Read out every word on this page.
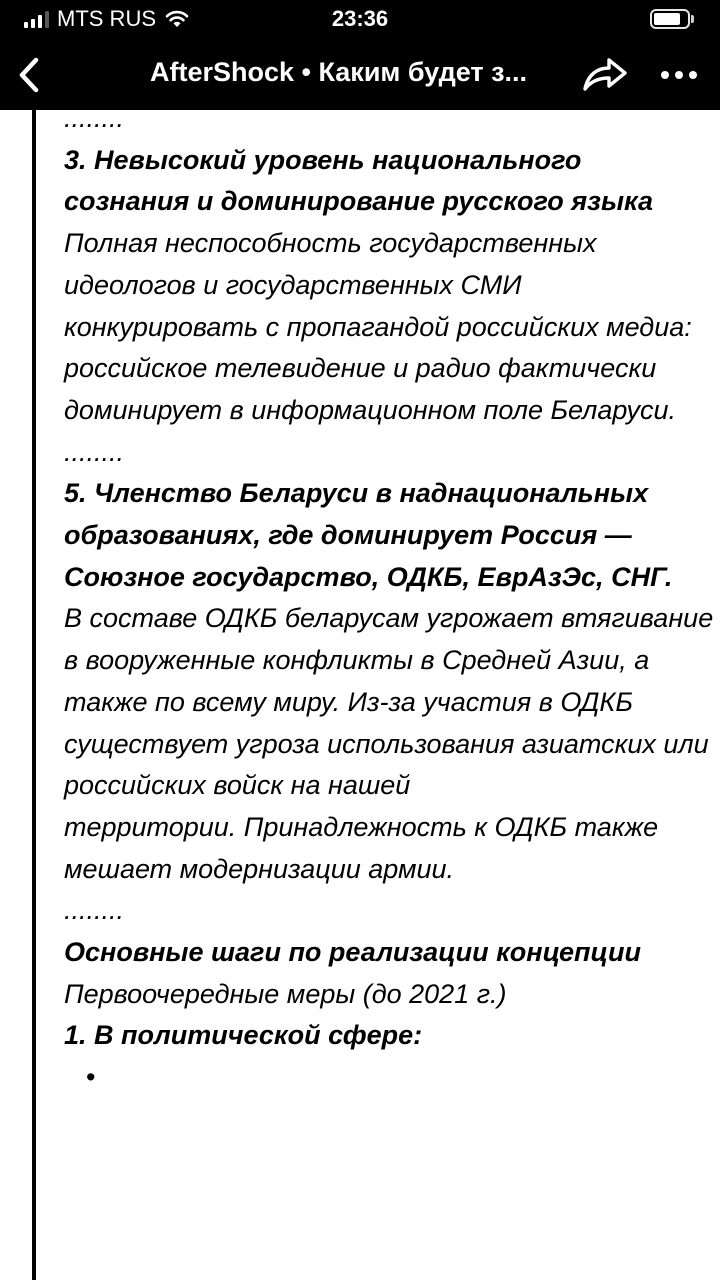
MTS RUS	23:36
AfterShock • Каким будет з...

........

3. Невысокий уровень национального сознания и доминирование русского языка

Полная неспособность государственных идеологов и государственных СМИ конкурировать с пропагандой российских медиа: российское телевидение и радио фактически доминирует в информационном поле Беларуси.

........

5. Членство Беларуси в наднациональных образованиях, где доминирует Россия — Союзное государство, ОДКБ, ЕврАзЭс, СНГ.

В составе ОДКБ беларусам угрожает втягивание в вооруженные конфликты в Средней Азии, а также по всему миру. Из-за участия в ОДКБ существует угроза использования азиатских или российских войск на нашей

территории. Принадлежность к ОДКБ также мешает модернизации армии.

........

Основные шаги по реализации концепции

Первоочередные меры (до 2021 г.)

1. В политической сфере:

•
